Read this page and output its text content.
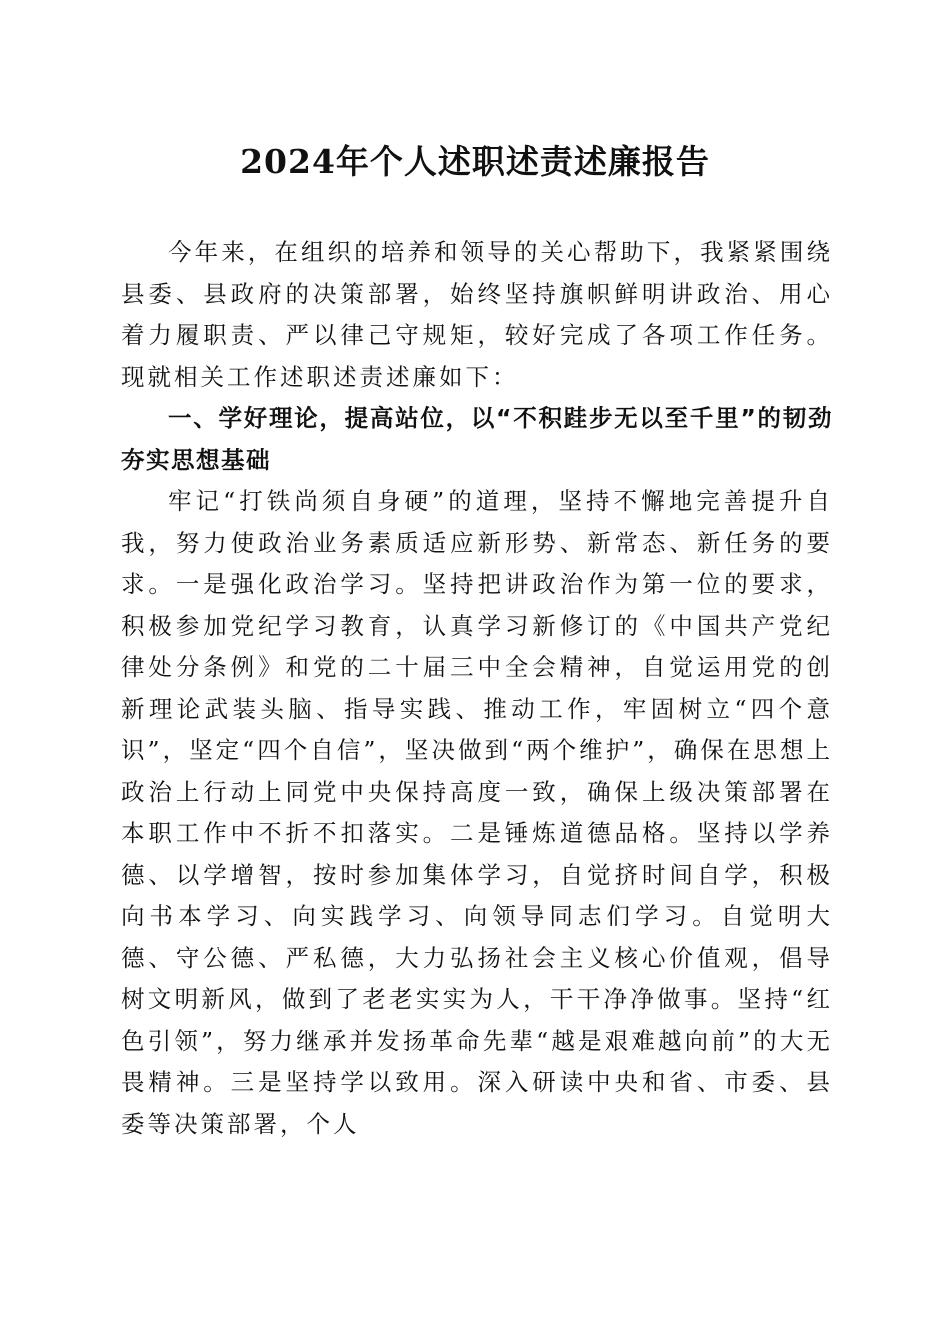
2024年个人述职述责述廉报告

今年来，在组织的培养和领导的关心帮助下，我紧紧围绕县委、县政府的决策部署，始终坚持旗帜鲜明讲政治、用心着力履职责、严以律己守规矩，较好完成了各项工作任务。现就相关工作述职述责述廉如下：

一、学好理论，提高站位，以“不积跬步无以至千里”的韧劲夯实思想基础

牢记“打铁尚须自身硬”的道理，坚持不懈地完善提升自我，努力使政治业务素质适应新形势、新常态、新任务的要求。一是强化政治学习。坚持把讲政治作为第一位的要求，积极参加党纪学习教育，认真学习新修订的《中国共产党纪律处分条例》和党的二十届三中全会精神，自觉运用党的创新理论武装头脑、指导实践、推动工作，牢固树立“四个意识”，坚定“四个自信”，坚决做到“两个维护”，确保在思想上政治上行动上同党中央保持高度一致，确保上级决策部署在本职工作中不折不扣落实。二是锤炼道德品格。坚持以学养德、以学增智，按时参加集体学习，自觉挤时间自学，积极向书本学习、向实践学习、向领导同志们学习。自觉明大德、守公德、严私德，大力弘扬社会主义核心价值观，倡导树文明新风，做到了老老实实为人，干干净净做事。坚持“红色引领”，努力继承并发扬革命先辈“越是艰难越向前”的大无畏精神。三是坚持学以致用。深入研读中央和省、市委、县委等决策部署，个人
